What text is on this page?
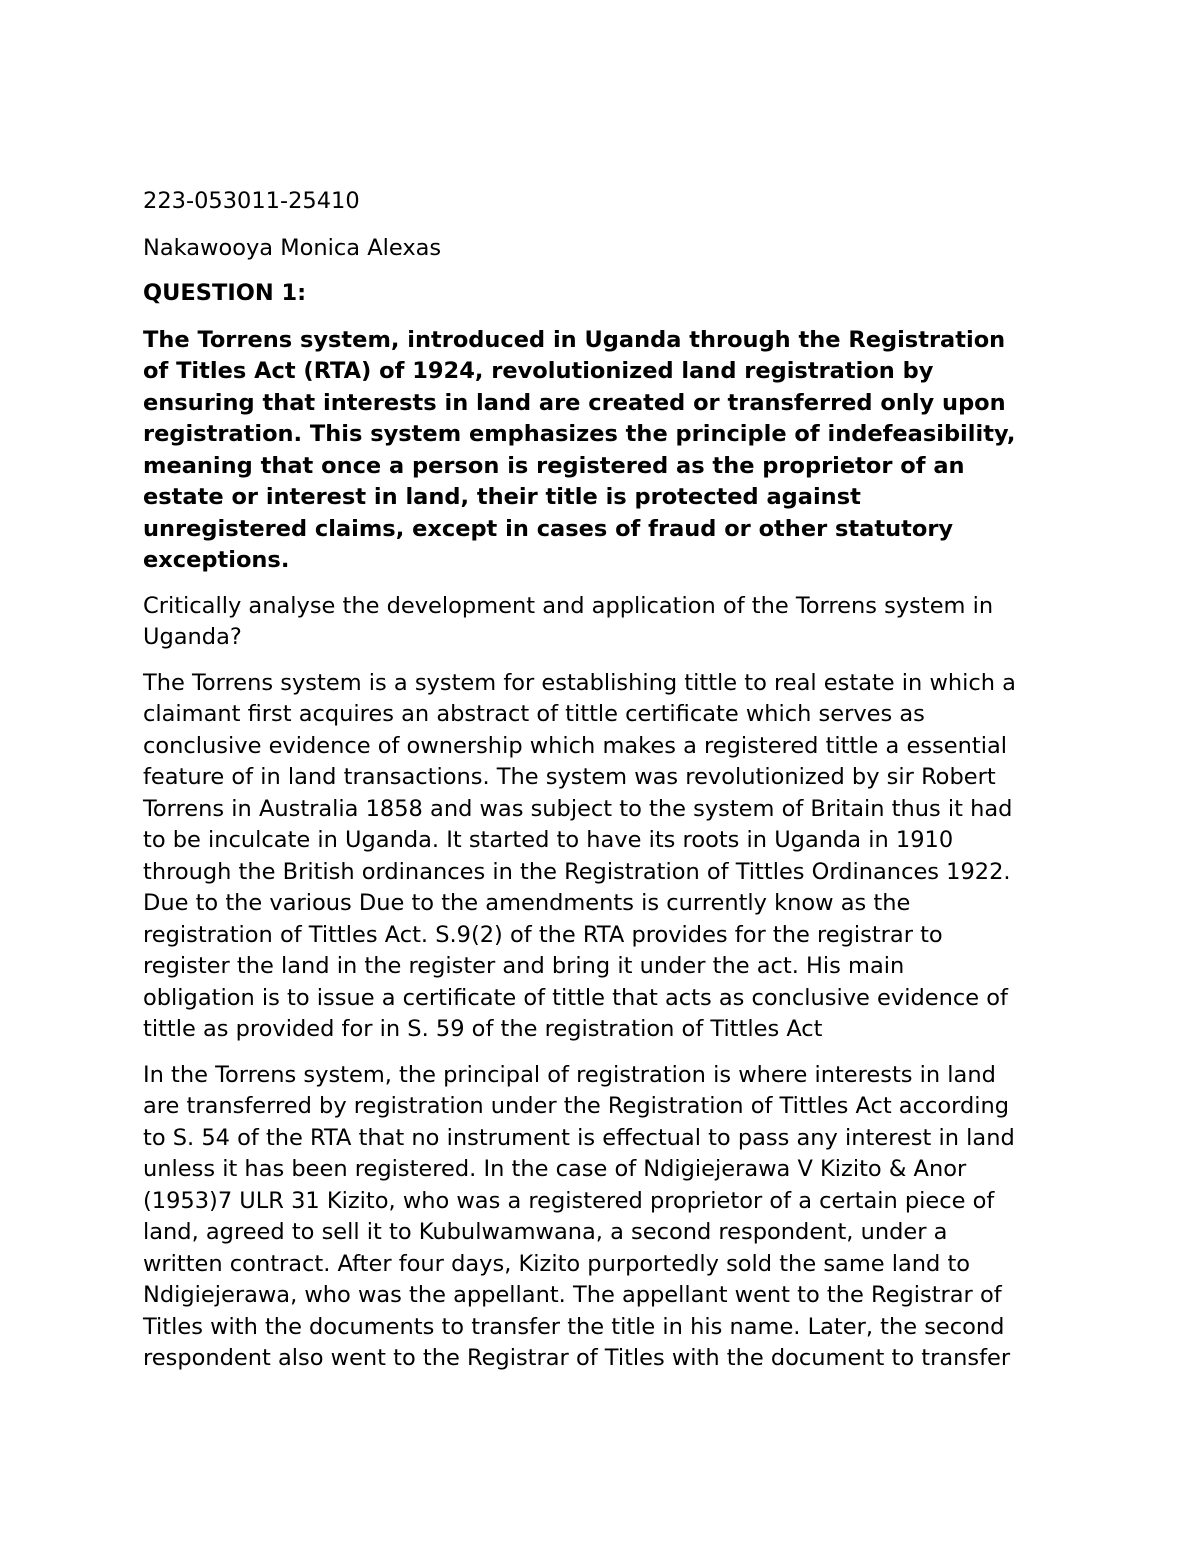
223-053011-25410

Nakawooya Monica Alexas

QUESTION 1:

The Torrens system, introduced in Uganda through the Registration

of Titles Act (RTA) of 1924, revolutionized land registration by

ensuring that interests in land are created or transferred only upon

registration. This system emphasizes the principle of indefeasibility,

meaning that once a person is registered as the proprietor of an

estate or interest in land, their title is protected against

unregistered claims, except in cases of fraud or other statutory

exceptions.

Critically analyse the development and application of the Torrens system in

Uganda?

The Torrens system is a system for establishing tittle to real estate in which a

claimant first acquires an abstract of tittle certificate which serves as

conclusive evidence of ownership which makes a registered tittle a essential

feature of in land transactions. The system was revolutionized by sir Robert

Torrens in Australia 1858 and was subject to the system of Britain thus it had

to be inculcate in Uganda. It started to have its roots in Uganda in 1910

through the British ordinances in the Registration of Tittles Ordinances 1922.

Due to the various Due to the amendments is currently know as the

registration of Tittles Act. S.9(2) of the RTA provides for the registrar to

register the land in the register and bring it under the act. His main

obligation is to issue a certificate of tittle that acts as conclusive evidence of

tittle as provided for in S. 59 of the registration of Tittles Act

In the Torrens system, the principal of registration is where interests in land

are transferred by registration under the Registration of Tittles Act according

to S. 54 of the RTA that no instrument is effectual to pass any interest in land

unless it has been registered. In the case of Ndigiejerawa V Kizito & Anor

(1953)7 ULR 31 Kizito, who was a registered proprietor of a certain piece of

land, agreed to sell it to Kubulwamwana, a second respondent, under a

written contract. After four days, Kizito purportedly sold the same land to

Ndigiejerawa, who was the appellant. The appellant went to the Registrar of

Titles with the documents to transfer the title in his name. Later, the second

respondent also went to the Registrar of Titles with the document to transfer
